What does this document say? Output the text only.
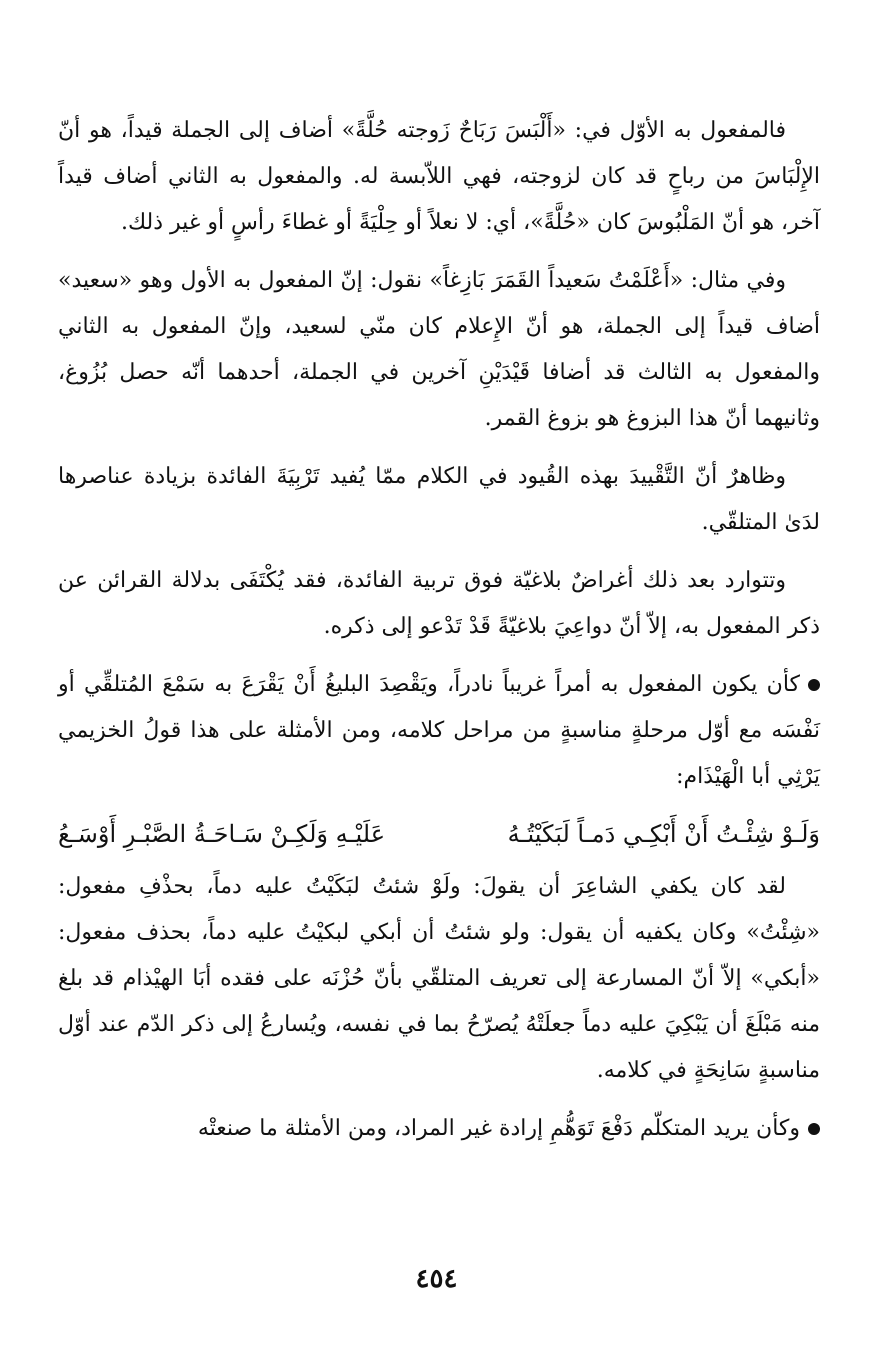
فالمفعول به الأوّل في: «أَلْبَسَ رَبَاحٌ زَوجته حُلَّةً» أضاف إلى الجملة قيداً، هو أنّ الإِلْبَاسَ من رباحٍ قد كان لزوجته، فهي اللاّبسة له. والمفعول به الثاني أضاف قيداً آخر، هو أنّ المَلْبُوسَ كان «حُلَّةً»، أي: لا نعلاً أو حِلْيَةً أو غطاءَ رأسٍ أو غير ذلك.

وفي مثال: «أَعْلَمْتُ سَعيداً القَمَرَ بَازِغاً» نقول: إنّ المفعول به الأول وهو «سعيد» أضاف قيداً إلى الجملة، هو أنّ الإِعلام كان منّي لسعيد، وإنّ المفعول به الثاني والمفعول به الثالث قد أضافا قَيْدَيْنِ آخرين في الجملة، أحدهما أنّه حصل بُزُوغ، وثانيهما أنّ هذا البزوغ هو بزوغ القمر.

وظاهرٌ أنّ التَّقْييدَ بهذه القُيود في الكلام ممّا يُفيد تَرْبِيَةَ الفائدة بزيادة عناصرها لدَىٰ المتلقّي.

وتتوارد بعد ذلك أغراضٌ بلاغيّة فوق تربية الفائدة، فقد يُكْتَفَى بدلالة القرائن عن ذكر المفعول به، إلاّ أنّ دواعِيَ بلاغيّةً قَدْ تَدْعو إلى ذكره.

كأن يكون المفعول به أمراً غريباً نادراً، ويَقْصِدَ البليغُ أَنْ يَقْرَعَ به سَمْعَ المُتلقِّي أو نَفْسَه مع أوّل مرحلةٍ مناسبةٍ من مراحل كلامه، ومن الأمثلة على هذا قولُ الخزيمي يَرْثِي أبا الْهَيْذَام:

وَلَـوْ شِئْـتُ أَنْ أَبْكِـي دَمـاً لَبَكَيْتُـهُ
عَلَيْـهِ وَلَكِـنْ سَـاحَـةُ الصَّبْـرِ أَوْسَـعُ

لقد كان يكفي الشاعِرَ أن يقولَ: ولَوْ شئتُ لبَكَيْتُ عليه دماً، بحذْفِ مفعول: «شِئْتُ» وكان يكفيه أن يقول: ولو شئتُ أن أبكي لبكيْتُ عليه دماً، بحذف مفعول: «أبكي» إلاّ أنّ المسارعة إلى تعريف المتلقّي بأنّ حُزْنَه على فقده أبَا الهيْذام قد بلغ منه مَبْلَغَ أن يَبْكِيَ عليه دماً جعلَتْهُ يُصرّحُ بما في نفسه، ويُسارعُ إلى ذكر الدّم عند أوّل مناسبةٍ سَانِحَةٍ في كلامه.

وكأن يريد المتكلّم دَفْعَ تَوَهُّمِ إرادة غير المراد، ومن الأمثلة ما صنعتْه

٤٥٤
